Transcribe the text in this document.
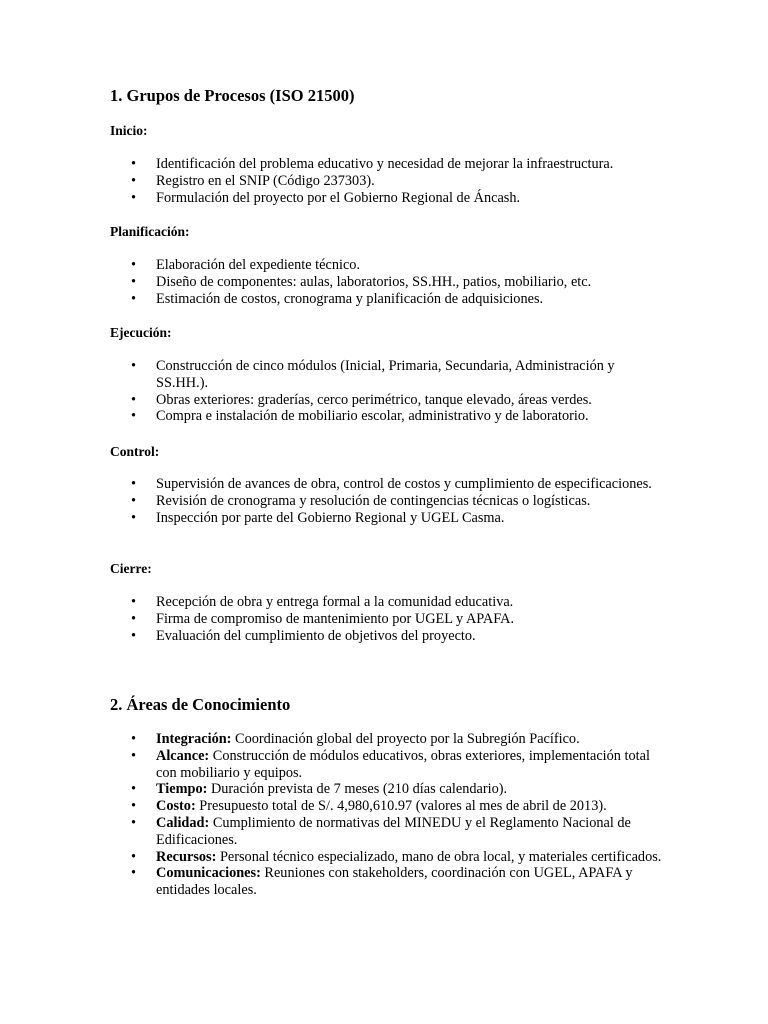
1. Grupos de Procesos (ISO 21500)
Inicio:
• Identificación del problema educativo y necesidad de mejorar la infraestructura.
• Registro en el SNIP (Código 237303).
• Formulación del proyecto por el Gobierno Regional de Áncash.
Planificación:
• Elaboración del expediente técnico.
• Diseño de componentes: aulas, laboratorios, SS.HH., patios, mobiliario, etc.
• Estimación de costos, cronograma y planificación de adquisiciones.
Ejecución:
• Construcción de cinco módulos (Inicial, Primaria, Secundaria, Administración y SS.HH.).
• Obras exteriores: graderías, cerco perimétrico, tanque elevado, áreas verdes.
• Compra e instalación de mobiliario escolar, administrativo y de laboratorio.
Control:
• Supervisión de avances de obra, control de costos y cumplimiento de especificaciones.
• Revisión de cronograma y resolución de contingencias técnicas o logísticas.
• Inspección por parte del Gobierno Regional y UGEL Casma.
Cierre:
• Recepción de obra y entrega formal a la comunidad educativa.
• Firma de compromiso de mantenimiento por UGEL y APAFA.
• Evaluación del cumplimiento de objetivos del proyecto.
2. Áreas de Conocimiento
• Integración: Coordinación global del proyecto por la Subregión Pacífico.
• Alcance: Construcción de módulos educativos, obras exteriores, implementación total con mobiliario y equipos.
• Tiempo: Duración prevista de 7 meses (210 días calendario).
• Costo: Presupuesto total de S/. 4,980,610.97 (valores al mes de abril de 2013).
• Calidad: Cumplimiento de normativas del MINEDU y el Reglamento Nacional de Edificaciones.
• Recursos: Personal técnico especializado, mano de obra local, y materiales certificados.
• Comunicaciones: Reuniones con stakeholders, coordinación con UGEL, APAFA y entidades locales.
